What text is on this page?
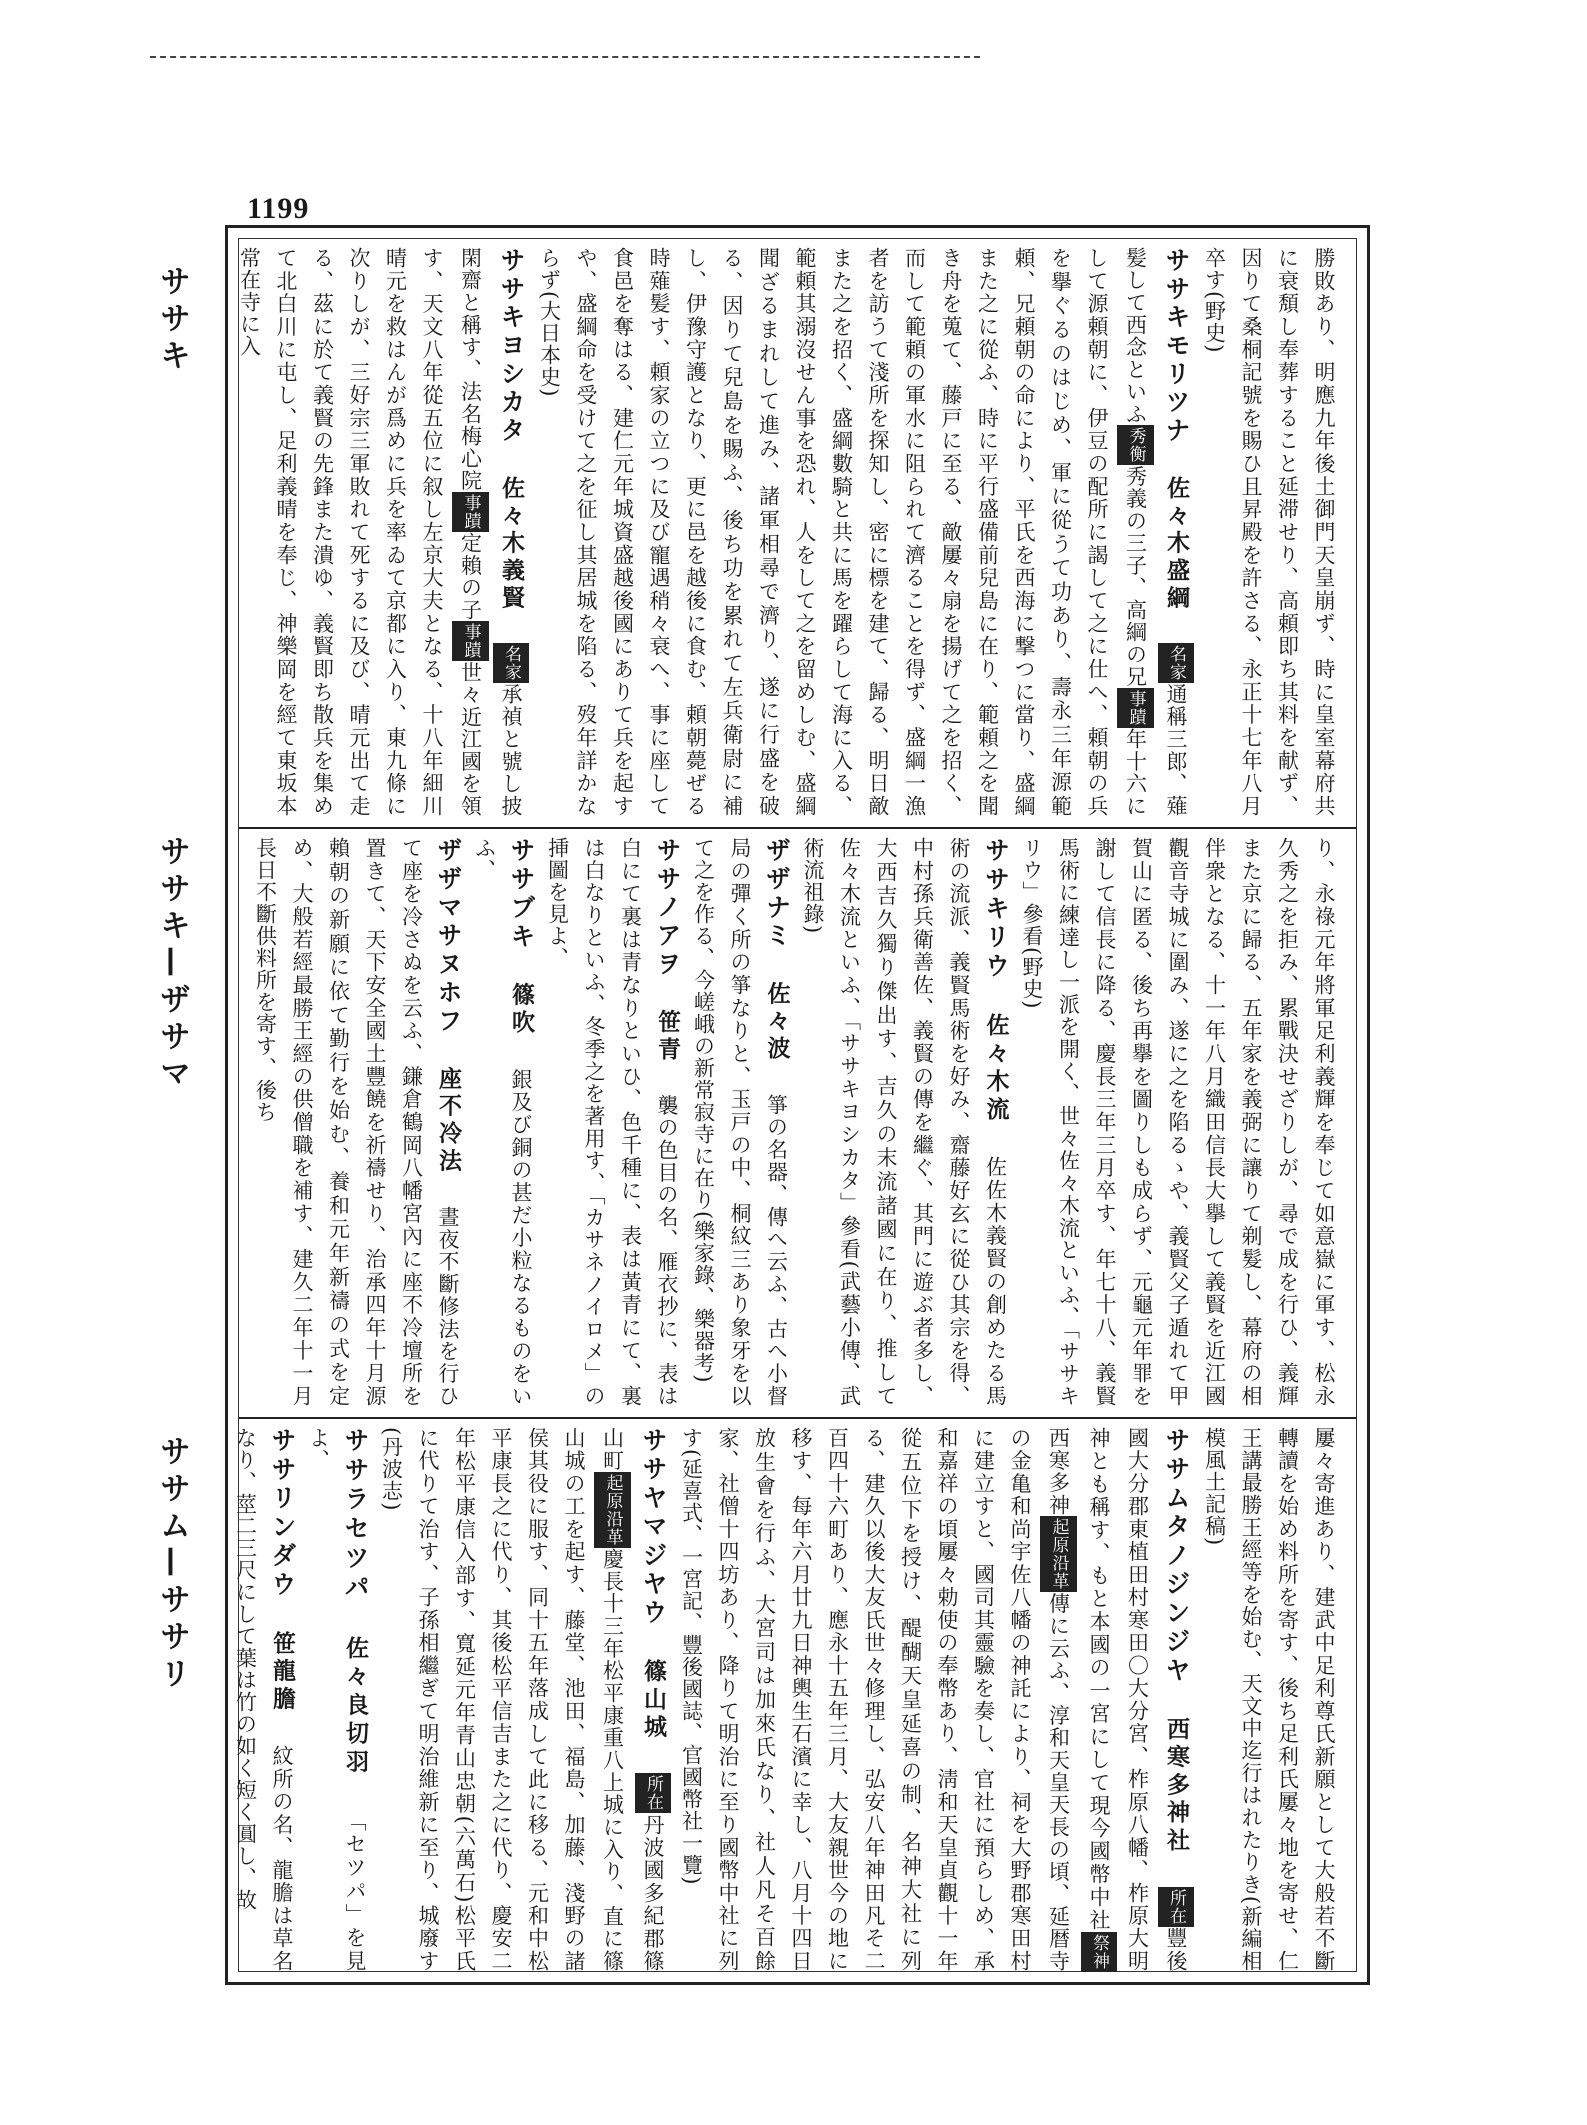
1199
ササキ
ササキ—ザサマ
ササム—ササリ
勝敗あり、明應九年後土御門天皇崩ず、時に皇室幕府共に衰頽し奉葬すること延滞せり、高頼即ち其料を献ず、因りて桑桐記號を賜ひ且昇殿を許さる、永正十七年八月卒す(野史)
ササキモリツナ　 佐々木盛綱　 名家通稱三郎、薙髪して西念といふ秀衡秀義の三子、高綱の兄事蹟年十六にして源頼朝に、伊豆の配所に謁して之に仕へ、頼朝の兵を擧ぐるのはじめ、軍に從うて功あり、壽永三年源範頼、兄頼朝の命により、平氏を西海に撃つに當り、盛綱また之に從ふ、時に平行盛備前兒島に在り、範頼之を聞き舟を蒐て、藤戸に至る、敵屢々扇を揚げて之を招く、而して範頼の軍水に阻られて濟ることを得ず、盛綱一漁者を訪うて淺所を探知し、密に標を建て、歸る、明日敵また之を招く、盛綱數騎と共に馬を躍らして海に入る、範頼其溺沒せん事を恐れ、人をして之を留めしむ、盛綱聞ざるまれして進み、諸軍相尋で濟り、遂に行盛を破る、因りて兒島を賜ふ、後ち功を累れて左兵衛尉に補し、伊豫守護となり、更に邑を越後に食む、頼朝薨ぜる時薙髪す、頼家の立つに及び寵遇稍々衰へ、事に座して食邑を奪はる、建仁元年城資盛越後國にありて兵を起すや、盛綱命を受けて之を征し其居城を陷る、歿年詳かならず(大日本史)
ササキヨシカタ　 佐々木義賢　 名家承禎と號し披閑齋と稱す、法名梅心院事蹟定賴の子事蹟世々近江國を領す、天文八年從五位に叙し左京大夫となる、十八年細川晴元を救はんが爲めに兵を率ゐて京都に入り、東九條に次りしが、三好宗三軍敗れて死するに及び、晴元出て走る、茲に於て義賢の先鋒また潰ゆ、義賢即ち散兵を集めて北白川に屯し、足利義晴を奉じ、神樂岡を經て東坂本常在寺に入
り、永祿元年將軍足利義輝を奉じて如意嶽に軍す、松永久秀之を拒み、累戰決せざりしが、尋で成を行ひ、義輝また京に歸る、五年家を義弼に讓りて剃髮し、幕府の相伴衆となる、十一年八月織田信長大擧して義賢を近江國觀音寺城に圍み、遂に之を陷るゝや、義賢父子遁れて甲賀山に匿る、後ち再擧を圖りしも成らず、元龜元年罪を謝して信長に降る、慶長三年三月卒す、年七十八、義賢馬術に練達し一派を開く、世々佐々木流といふ、「ササキリウ」參看(野史)
ササキリウ　 佐々木流　 佐佐木義賢の創めたる馬術の流派、義賢馬術を好み、齋藤好玄に從ひ其宗を得、中村孫兵衛善佐、義賢の傳を繼ぐ、其門に遊ぶ者多し、大西吉久獨り傑出す、吉久の末流諸國に在り、推して佐々木流といふ、「ササキヨシカタ」參看(武藝小傳、武術流祖錄)
ザザナミ　 佐々波　 箏の名器、傳へ云ふ、古へ小督局の彈く所の箏なりと、玉戸の中、桐紋三あり象牙を以て之を作る、今嵯峨の新常寂寺に在り(樂家錄、樂器考)
ササノアヲ　 笹青　 襲の色目の名、雁衣抄に、表は白にて裏は青なりといひ、色千種に、表は黃青にて、裏は白なりといふ、冬季之を著用す、「カサネノイロメ」の挿圖を見よ、
ササブキ　 篠吹　 銀及び銅の甚だ小粒なるものをいふ、
ザザマサヌホフ　 座不冷法　 晝夜不斷修法を行ひて座を冷さぬを云ふ、鎌倉鶴岡八幡宮內に座不冷壇所を置きて、天下安全國土豐饒を祈禱せり、治承四年十月源賴朝の新願に依て勤行を始む、養和元年新禱の式を定め、大般若經最勝王經の供僧職を補す、建久二年十一月長日不斷供料所を寄す、後ち
屢々寄進あり、建武中足利尊氏新願として大般若不斷轉讀を始め料所を寄す、後ち足利氏屢々地を寄せ、仁王講最勝王經等を始む、天文中迄行はれたりき(新編相模風土記稿)
ササムタノジンジヤ　 西寒多神社　 所在豐後國大分郡東植田村寒田〇大分宮、柞原八幡、柞原大明神とも稱す、もと本國の一宮にして現今國幣中社祭神西寒多神起原沿革傳に云ふ、淳和天皇天長の頃、延暦寺の金亀和尚宇佐八幡の神託により、祠を大野郡寒田村に建立すと、國司其靈驗を奏し、官社に預らしめ、承和嘉祥の頃屢々勅使の奉幣あり、淸和天皇貞觀十一年從五位下を授け、醍醐天皇延喜の制、名神大社に列る、建久以後大友氏世々修理し、弘安八年神田凡そ二百四十六町あり、應永十五年三月、大友親世今の地に移す、每年六月廿九日神輿生石濱に幸し、八月十四日放生會を行ふ、大宮司は加來氏なり、社人凡そ百餘家、社僧十四坊あり、降りて明治に至り國幣中社に列す(延喜式、一宮記、豐後國誌、官國幣社一覽)
ササヤマジヤウ　 篠山城　 所在丹波國多紀郡篠山町起原沿革慶長十三年松平康重八上城に入り、直に篠山城の工を起す、藤堂、池田、福島、加藤、淺野の諸侯其役に服す、同十五年落成して此に移る、元和中松平康長之に代り、其後松平信吉また之に代り、慶安二年松平康信入部す、寬延元年青山忠朝(六萬石)松平氏に代りて治す、子孫相繼ぎて明治維新に至り、城廢す(丹波志)
ササラセツパ　 佐々良切羽　 「セツパ」を見よ、
ササリンダウ　 笹龍膽　 紋所の名、龍膽は草名なり、莖二三尺にして葉は竹の如く短く圓し、故
